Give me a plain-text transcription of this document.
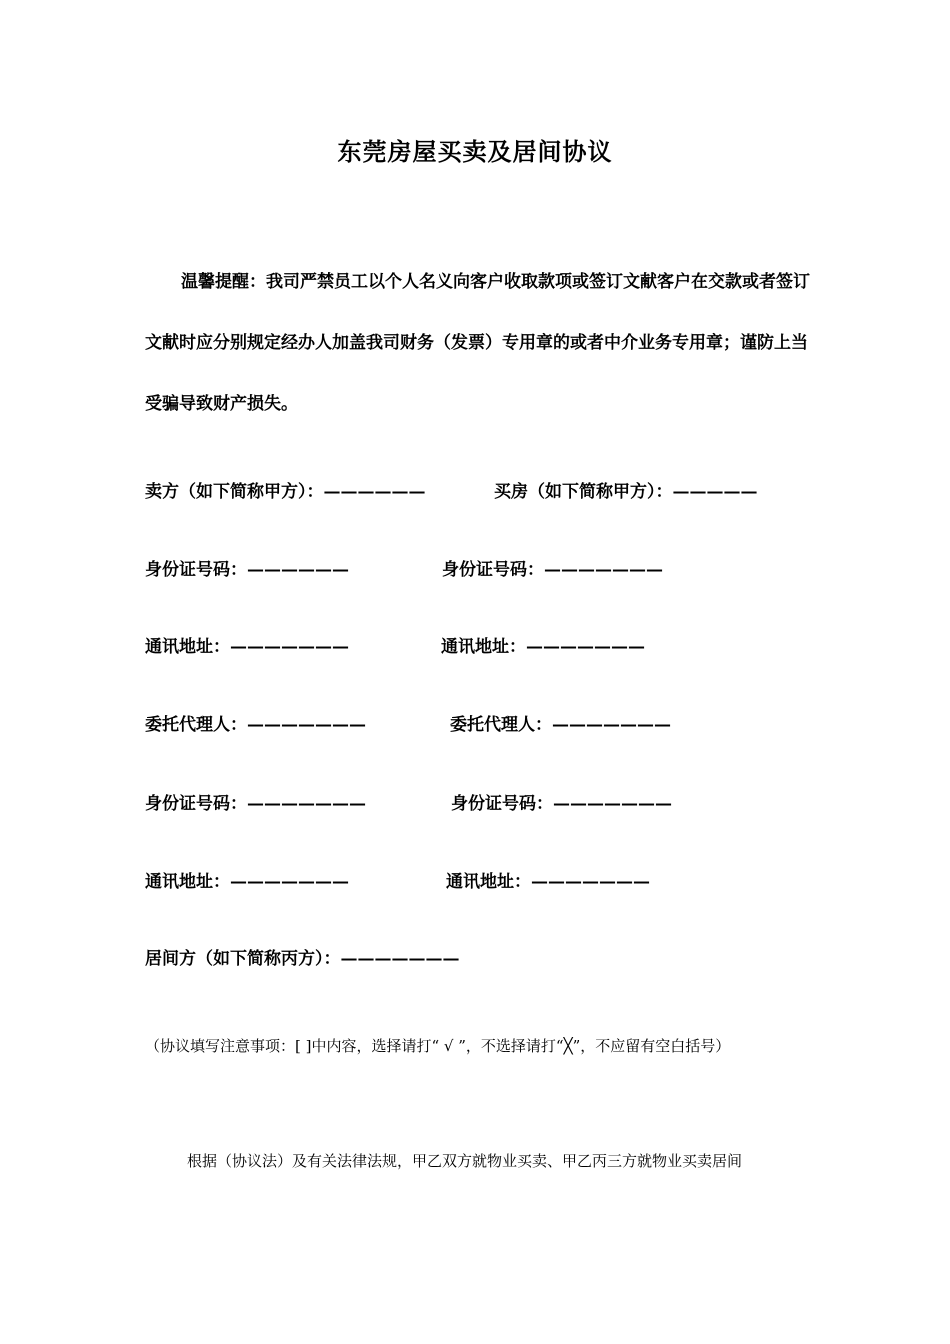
东莞房屋买卖及居间协议
温馨提醒：我司严禁员工以个人名义向客户收取款项或签订文献客户在交款或者签订文献时应分别规定经办人加盖我司财务（发票）专用章的或者中介业务专用章；谨防上当受骗导致财产损失。
卖方（如下简称甲方）：——————	买房（如下简称甲方）：—————
身份证号码：——————	身份证号码：———————
通讯地址：———————	通讯地址：———————
委托代理人：———————	委托代理人：———————
身份证号码：———————	身份证号码：———————
通讯地址：———————	通讯地址：———————
居间方（如下简称丙方）：———————
（协议填写注意事项：[ ]中内容，选择请打“ √ ”，不选择请打“╳”，不应留有空白括号）
根据（协议法）及有关法律法规，甲乙双方就物业买卖、甲乙丙三方就物业买卖居间
